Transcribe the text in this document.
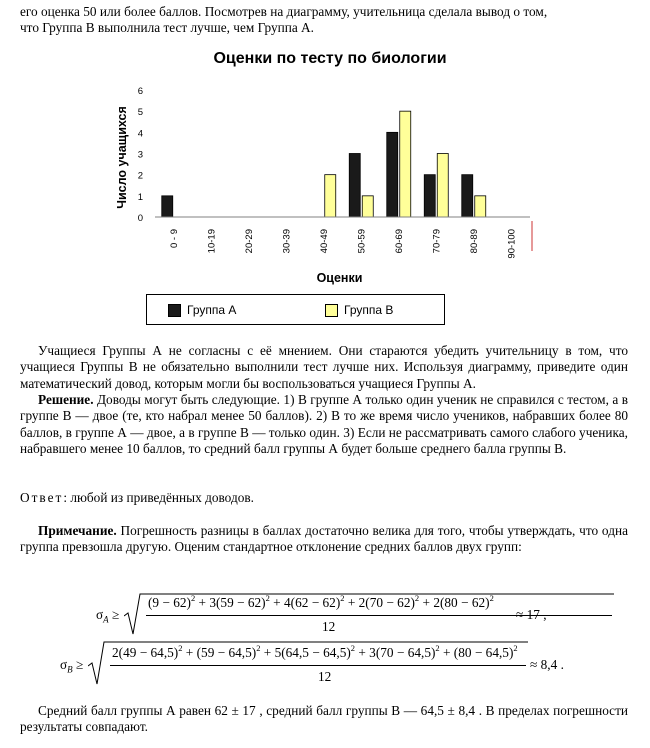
его оценка 50 или более баллов. Посмотрев на диаграмму, учительница сделала вывод о том,
что Группа В выполнила тест лучше, чем Группа А.

Оценки по тесту по биологии
0
1
2
3
4
5
6
Число учащихся
0 - 9	10-19	20-29	30-39	40-49	50-59	60-69	70-79	80-89	90-100
Оценки
Группа А	Группа В

Учащиеся Группы А не согласны с её мнением. Они стараются убедить учительницу в том, что учащиеся Группы В не обязательно выполнили тест лучше них. Используя диаграмму, приведите один математический довод, которым могли бы воспользоваться учащиеся Группы А.

Решение. Доводы могут быть следующие. 1) В группе А только один ученик не справился с тестом, а в группе В — двое (те, кто набрал менее 50 баллов). 2) В то же время число учеников, набравших более 80 баллов, в группе А — двое, а в группе В — только один. 3) Если не рассматривать самого слабого ученика, набравшего менее 10 баллов, то средний балл группы А будет больше среднего балла группы В.

Ответ: любой из приведённых доводов.

Примечание. Погрешность разницы в баллах достаточно велика для того, чтобы утверждать, что одна группа превзошла другую. Оценим стандартное отклонение средних баллов двух групп:

$\sigma_A$ ≥
$(9 - 62)^2 + 3(59 - 62)^2 + 4(62 - 62)^2 + 2(70 - 62)^2 + 2(80 - 62)^2$
12
≈ 17 ,
$\sigma_B$ ≥
$2(49 - 64,5)^2 + (59 - 64,5)^2 + 5(64,5 - 64,5)^2 + 3(70 - 64,5)^2 + (80 - 64,5)^2$
12
≈ 8,4 .

Средний балл группы А равен 62 ± 17 , средний балл группы В — 64,5 ± 8,4 . В пределах погрешности результаты совпадают.
